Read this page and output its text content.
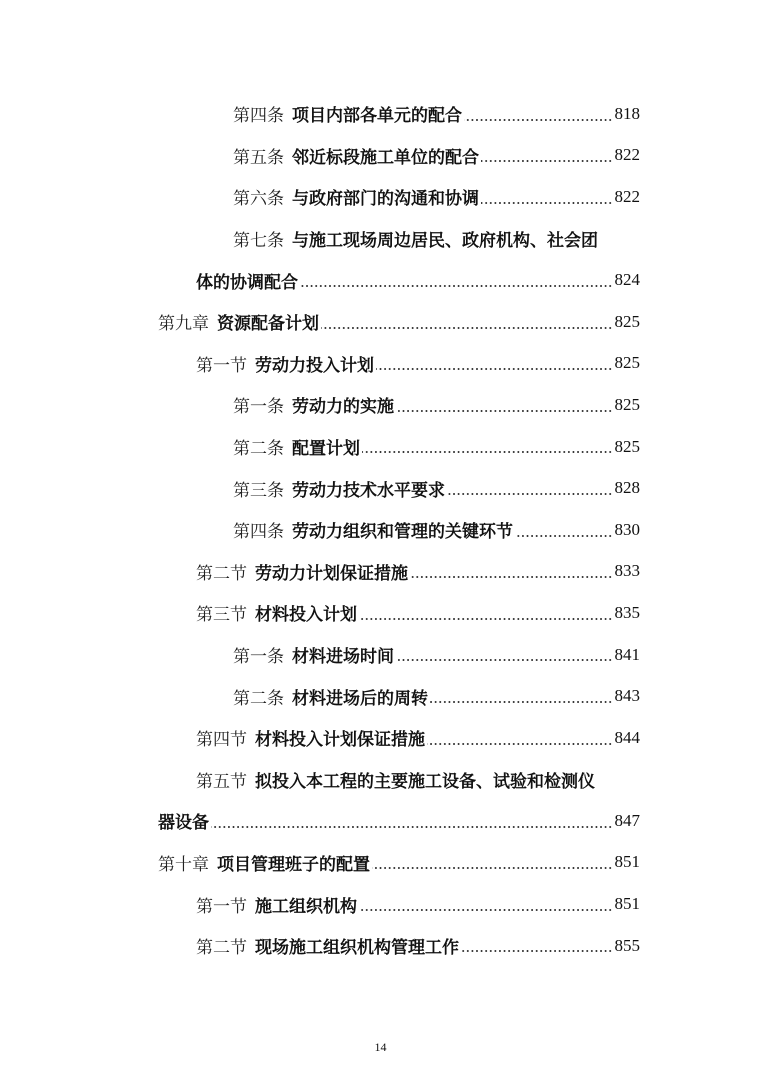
第四条 项目内部各单元的配合	818
第五条 邻近标段施工单位的配合	822
第六条 与政府部门的沟通和协调	822
第七条 与施工现场周边居民、政府机构、社会团
体的协调配合	824
第九章 资源配备计划	825
第一节 劳动力投入计划	825
第一条 劳动力的实施	825
第二条 配置计划	825
第三条 劳动力技术水平要求	828
第四条 劳动力组织和管理的关键环节	830
第二节 劳动力计划保证措施	833
第三节 材料投入计划	835
第一条 材料进场时间	841
第二条 材料进场后的周转	843
第四节 材料投入计划保证措施	844
第五节 拟投入本工程的主要施工设备、试验和检测仪
器设备	847
第十章 项目管理班子的配置	851
第一节 施工组织机构	851
第二节 现场施工组织机构管理工作	855
14
